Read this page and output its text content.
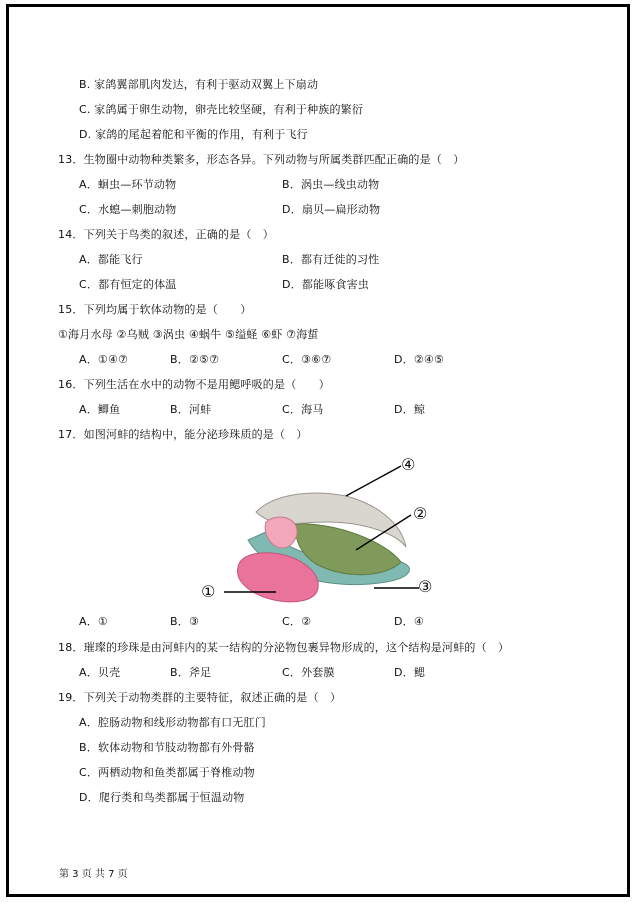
B. 家鸽翼部肌肉发达，有利于驱动双翼上下扇动
C. 家鸽属于卵生动物，卵壳比较坚硬，有利于种族的繁衍
D. 家鸽的尾起着舵和平衡的作用，有利于飞行
13．生物圈中动物种类繁多，形态各异。下列动物与所属类群匹配正确的是（　）
A．蛔虫—环节动物	B．涡虫—线虫动物
C．水螅—刺胞动物	D．扇贝—扁形动物
14．下列关于鸟类的叙述，正确的是（　）
A．都能飞行	B．都有迁徙的习性
C．都有恒定的体温	D．都能啄食害虫
15．下列均属于软体动物的是（　　）
①海月水母 ②乌贼 ③涡虫 ④蜗牛 ⑤缢蛏 ⑥虾 ⑦海蜇
A．①④⑦	B．②⑤⑦	C．③⑥⑦	D．②④⑤
16．下列生活在水中的动物不是用鳃呼吸的是（　　）
A．鲫鱼	B．河蚌	C．海马	D．鲸
17．如图河蚌的结构中，能分泌珍珠质的是（　）
④
②
③
①
A．①	B．③	C．②	D．④
18．璀璨的珍珠是由河蚌内的某一结构的分泌物包裹异物形成的，这个结构是河蚌的（　）
A．贝壳	B．斧足	C．外套膜	D．鳃
19．下列关于动物类群的主要特征，叙述正确的是（　）
A．腔肠动物和线形动物都有口无肛门
B．软体动物和节肢动物都有外骨骼
C．两栖动物和鱼类都属于脊椎动物
D．爬行类和鸟类都属于恒温动物
第 3 页 共 7 页
